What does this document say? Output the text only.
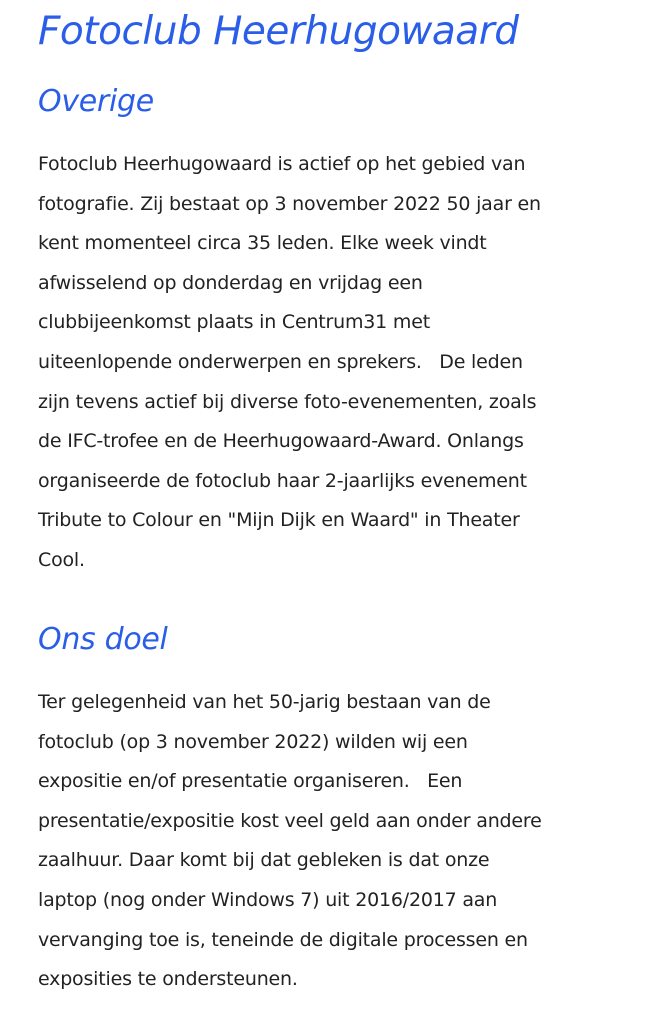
Fotoclub Heerhugowaard
Overige

Fotoclub Heerhugowaard is actief op het gebied van
fotografie. Zij bestaat op 3 november 2022 50 jaar en
kent momenteel circa 35 leden. Elke week vindt
afwisselend op donderdag en vrijdag een
clubbijeenkomst plaats in Centrum31 met
uiteenlopende onderwerpen en sprekers.   De leden
zijn tevens actief bij diverse foto-evenementen, zoals
de IFC-trofee en de Heerhugowaard-Award. Onlangs
organiseerde de fotoclub haar 2-jaarlijks evenement
Tribute to Colour en "Mijn Dijk en Waard" in Theater
Cool.

Ons doel

Ter gelegenheid van het 50-jarig bestaan van de
fotoclub (op 3 november 2022) wilden wij een
expositie en/of presentatie organiseren.   Een
presentatie/expositie kost veel geld aan onder andere
zaalhuur. Daar komt bij dat gebleken is dat onze
laptop (nog onder Windows 7) uit 2016/2017 aan
vervanging toe is, teneinde de digitale processen en
exposities te ondersteunen.
